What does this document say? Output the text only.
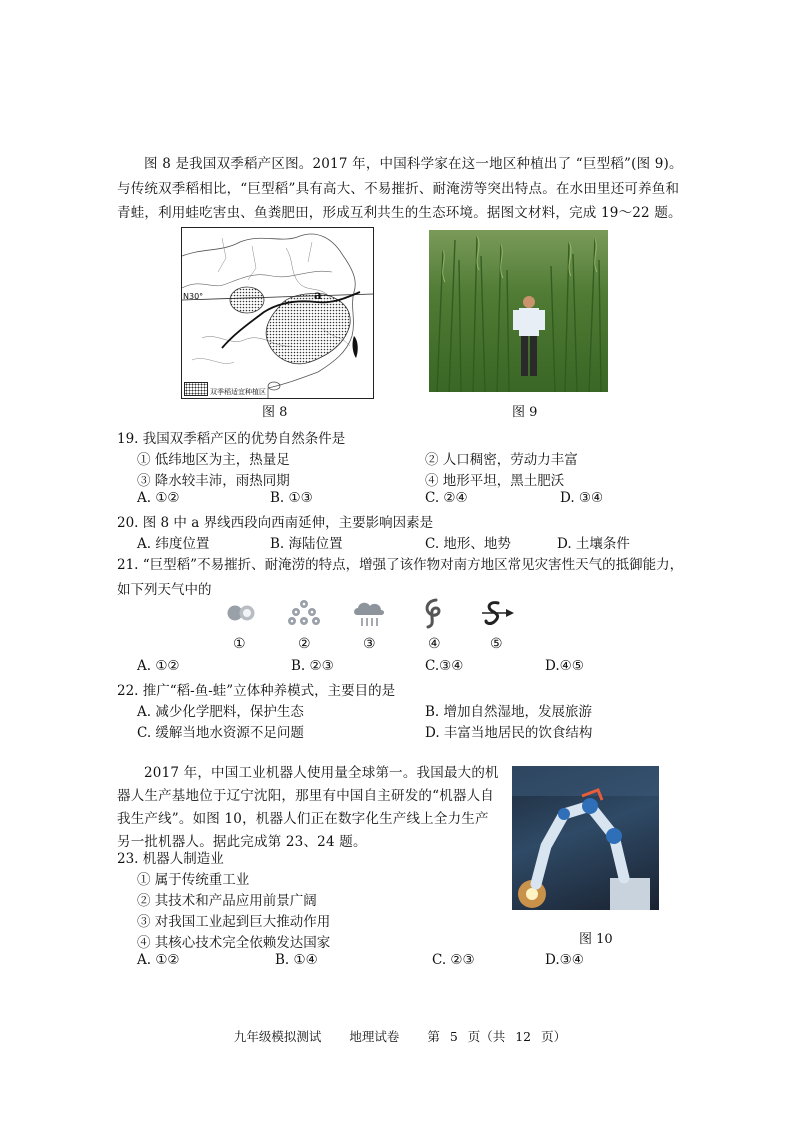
图 8 是我国双季稻产区图。2017 年，中国科学家在这一地区种植出了 “巨型稻”(图 9)。与传统双季稻相比，“巨型稻”具有高大、不易摧折、耐淹涝等突出特点。在水田里还可养鱼和青蛙，利用蛙吃害虫、鱼粪肥田，形成互利共生的生态环境。据图文材料，完成 19～22 题。
N30°	a
双季稻适宜种植区
图 8	图 9
19. 我国双季稻产区的优势自然条件是
① 低纬地区为主，热量足	② 人口稠密，劳动力丰富
③ 降水较丰沛，雨热同期	④ 地形平坦，黑土肥沃
A. ①②	B. ①③	C. ②④	D. ③④
20. 图 8 中 a 界线西段向西南延伸，主要影响因素是
A. 纬度位置	B. 海陆位置	C. 地形、地势	D. 土壤条件
21. “巨型稻”不易摧折、耐淹涝的特点，增强了该作物对南方地区常见灾害性天气的抵御能力，如下列天气中的
①	②	③	④	⑤
A. ①②	B. ②③	C.③④	D.④⑤
22. 推广“稻-鱼-蛙”立体种养模式，主要目的是
A. 减少化学肥料，保护生态	B. 增加自然湿地，发展旅游
C. 缓解当地水资源不足问题	D. 丰富当地居民的饮食结构
2017 年，中国工业机器人使用量全球第一。我国最大的机器人生产基地位于辽宁沈阳，那里有中国自主研发的“机器人自我生产线”。如图 10，机器人们正在数字化生产线上全力生产另一批机器人。据此完成第 23、24 题。
图 10
23. 机器人制造业
① 属于传统重工业
② 其技术和产品应用前景广阔
③ 对我国工业起到巨大推动作用
④ 其核心技术完全依赖发达国家
A. ①②	B. ①④	C. ②③	D.③④
九年级模拟测试 地理试卷 第 5 页（共 12 页）
